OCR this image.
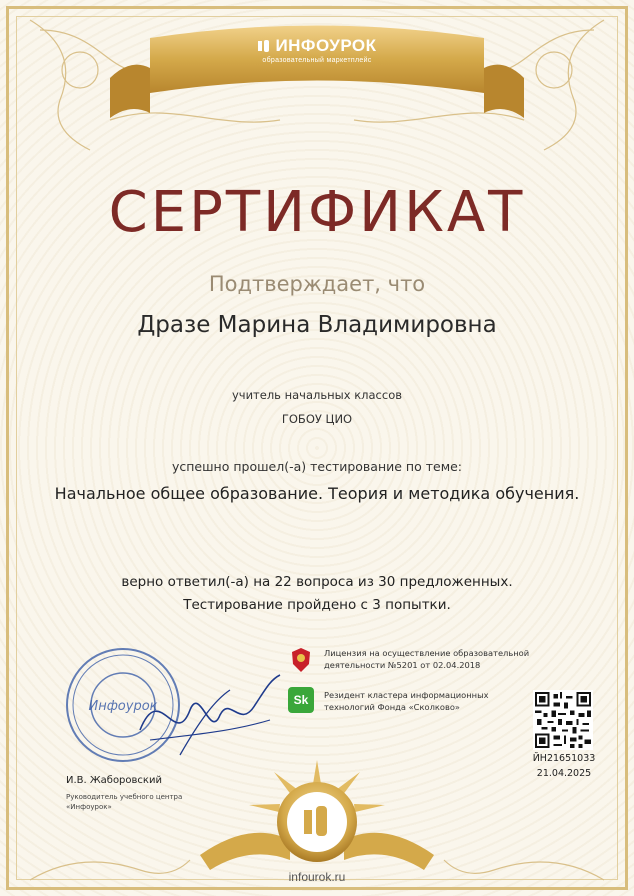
ИНФОУРОК
образовательный маркетплейс
СЕРТИФИКАТ
Подтверждает, что
Дразе Марина Владимировна
учитель начальных классов
ГОБОУ ЦИО
успешно прошел(-а) тестирование по теме:
Начальное общее образование. Теория и методика обучения.
верно ответил(-а) на 22 вопроса из 30 предложенных.
Тестирование пройдено с 3 попытки.
Инфоурок
И.В. Жаборовский
Руководитель учебного центра «Инфоурок»
Лицензия на осуществление образовательной деятельности №5201 от 02.04.2018
Sk	Резидент кластера информационных технологий Фонда «Сколково»
ЙН21651033
21.04.2025
infourok.ru
